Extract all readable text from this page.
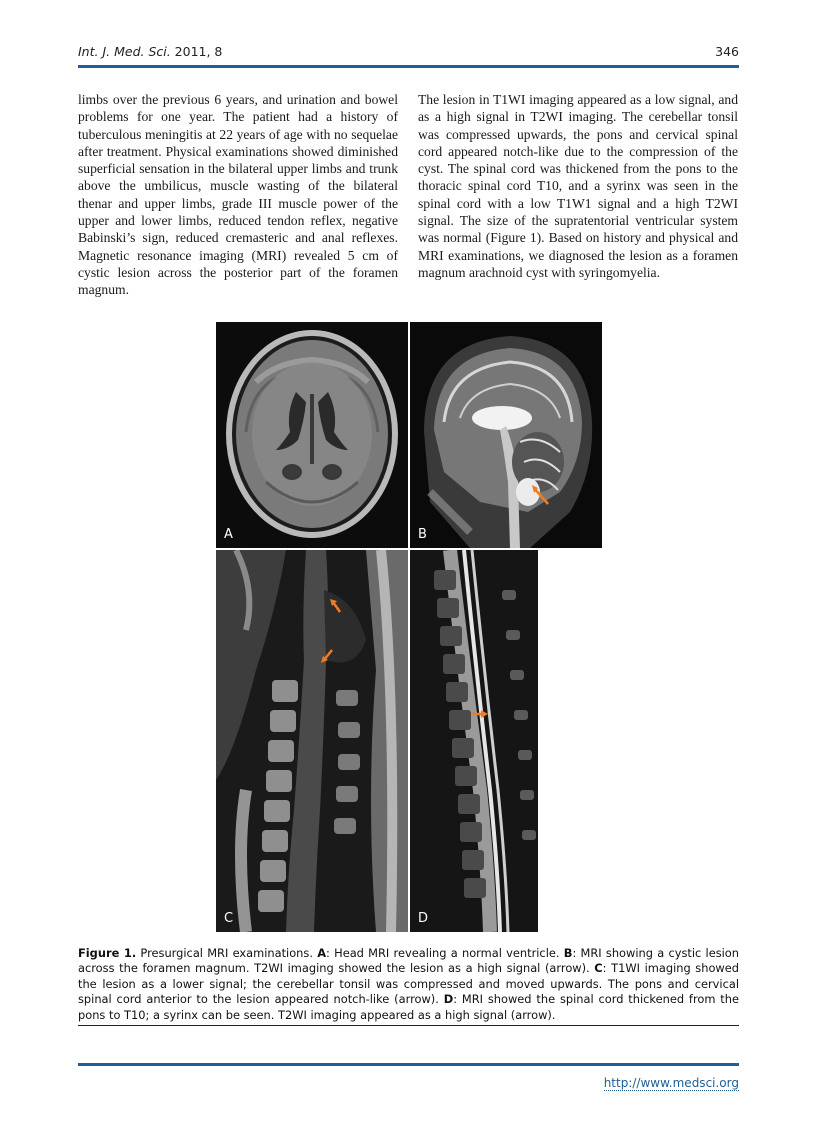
Int. J. Med. Sci. 2011, 8	346
limbs over the previous 6 years, and urination and bowel problems for one year. The patient had a history of tuberculous meningitis at 22 years of age with no sequelae after treatment. Physical examinations showed diminished superficial sensation in the bilateral upper limbs and trunk above the umbilicus, muscle wasting of the bilateral thenar and upper limbs, grade III muscle power of the upper and lower limbs, reduced tendon reflex, negative Babinski’s sign, reduced cremasteric and anal reflexes. Magnetic resonance imaging (MRI) revealed 5 cm of cystic lesion across the posterior part of the foramen magnum.
The lesion in T1WI imaging appeared as a low signal, and as a high signal in T2WI imaging. The cerebellar tonsil was compressed upwards, the pons and cervical spinal cord appeared notch-like due to the compression of the cyst. The spinal cord was thickened from the pons to the thoracic spinal cord T10, and a syrinx was seen in the spinal cord with a low T1W1 signal and a high T2WI signal. The size of the supratentorial ventricular system was normal (Figure 1). Based on history and physical and MRI examinations, we diagnosed the lesion as a foramen magnum arachnoid cyst with syringomyelia.
A	B
C	D
Figure 1. Presurgical MRI examinations. A: Head MRI revealing a normal ventricle. B: MRI showing a cystic lesion across the foramen magnum. T2WI imaging showed the lesion as a high signal (arrow). C: T1WI imaging showed the lesion as a lower signal; the cerebellar tonsil was compressed and moved upwards. The pons and cervical spinal cord anterior to the lesion appeared notch-like (arrow). D: MRI showed the spinal cord thickened from the pons to T10; a syrinx can be seen. T2WI imaging appeared as a high signal (arrow).
http://www.medsci.org
